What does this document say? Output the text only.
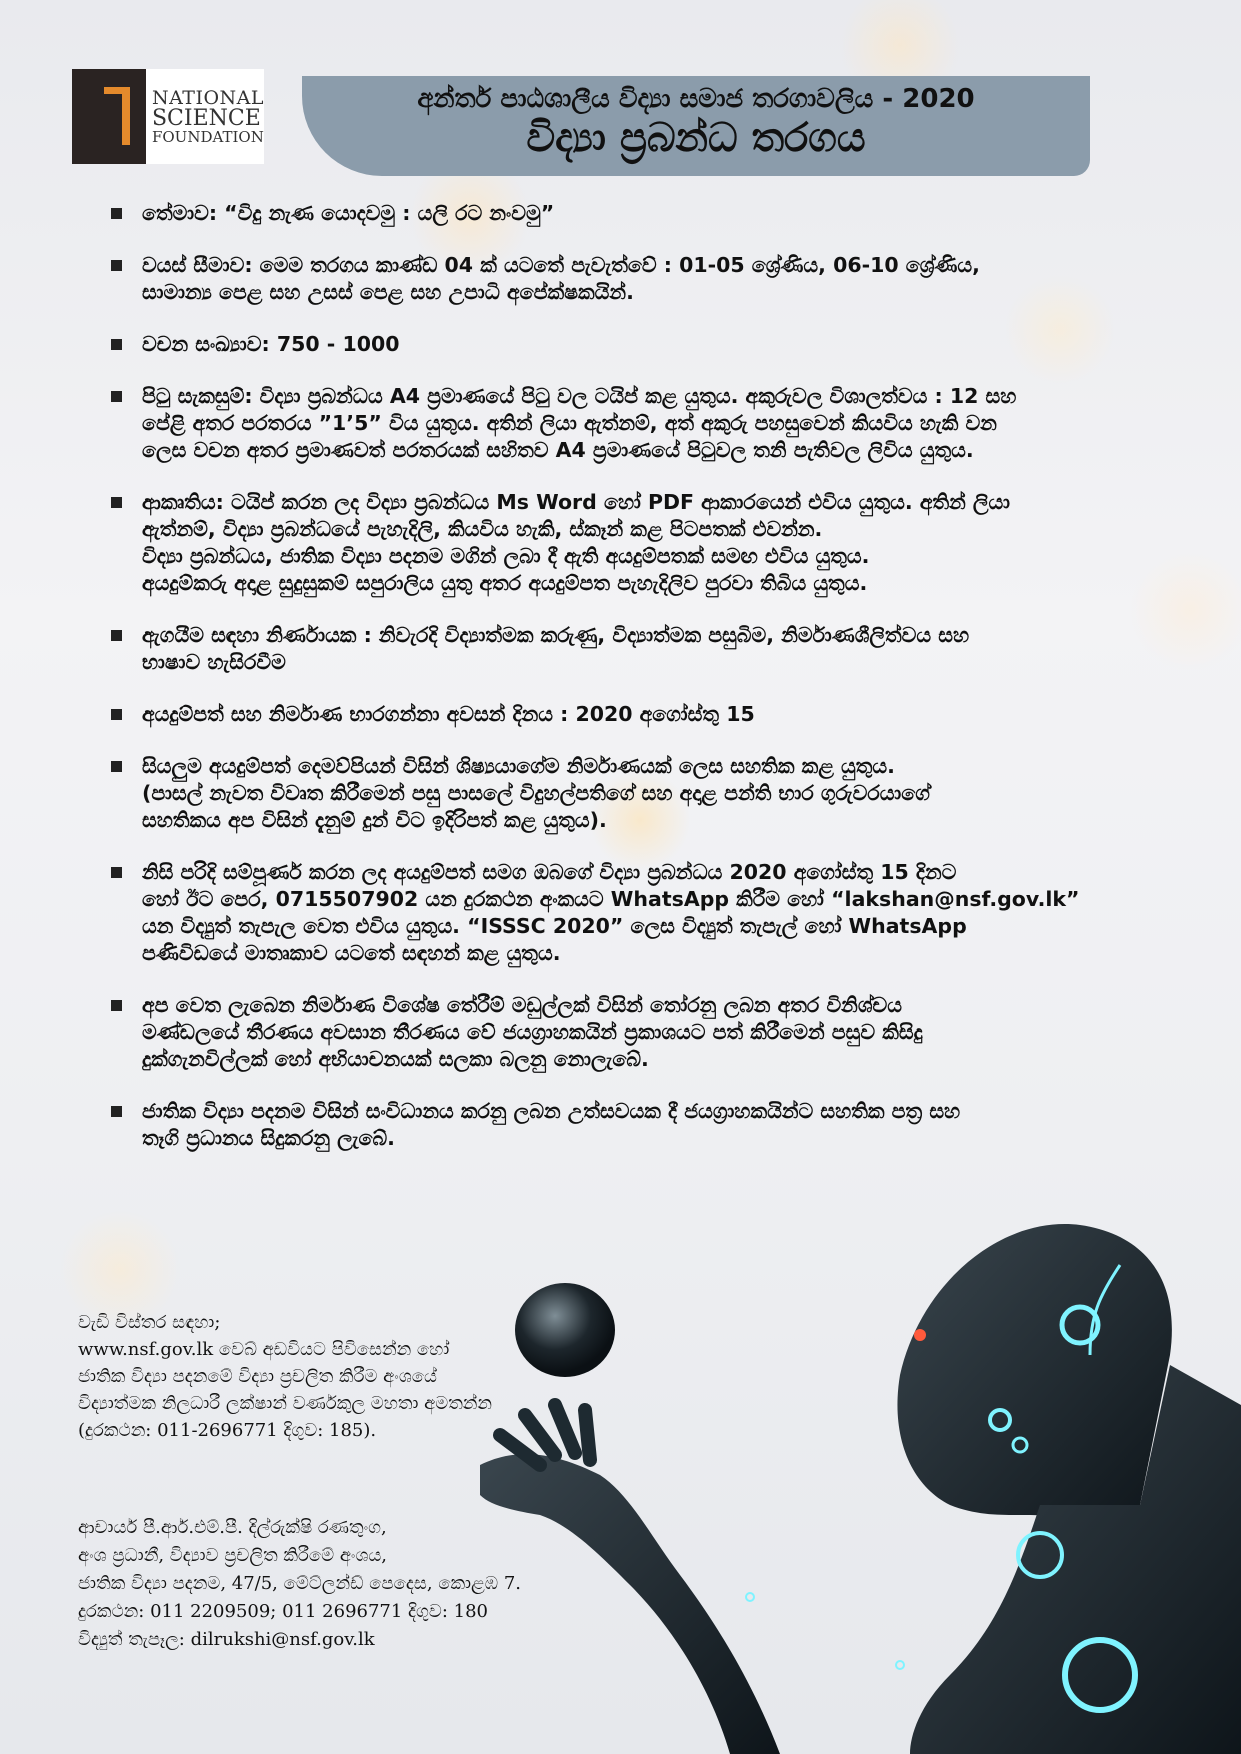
NATIONAL
SCIENCE
FOUNDATION
අන්තර් පාඨශාලීය විද්‍යා සමාජ තරගාවලිය - 2020
විද්‍යා ප්‍රබන්ධ තරගය

තේමාව: “විදු නැණ යොදවමු : යලි රට නංවමු”

වයස් සීමාව: මෙම තරගය කාණ්ඩ 04 ක් යටතේ පැවැත්වේ : 01-05 ශ්‍රේණිය, 06-10 ශ්‍රේණිය,

සාමාන්‍ය පෙළ සහ උසස් පෙළ සහ උපාධි අපේක්ෂකයින්.

වචන සංඛ්‍යාව: 750 - 1000

පිටු සැකසුම්: විද්‍යා ප්‍රබන්ධය A4 ප්‍රමාණයේ පිටු වල ටයිප් කළ යුතුය. අකුරුවල විශාලත්වය : 12 සහ

පේළි අතර පරතරය ”1’5” විය යුතුය. අතින් ලියා ඇත්නම්, අත් අකුරු පහසුවෙන් කියවිය හැකි වන

ලෙස වචන අතර ප්‍රමාණවත් පරතරයක් සහිතව A4 ප්‍රමාණයේ පිටුවල තනි පැතිවල ලිවිය යුතුය.

ආකෘතිය: ටයිප් කරන ලද විද්‍යා ප්‍රබන්ධය Ms Word හෝ PDF ආකාරයෙන් එවිය යුතුය. අතින් ලියා

ඇත්නම්, විද්‍යා ප්‍රබන්ධයේ පැහැදිලි, කියවිය හැකි, ස්කෑන් කළ පිටපතක් එවන්න.

විද්‍යා ප්‍රබන්ධය, ජාතික විද්‍යා පදනම මගින් ලබා දී ඇති අයදුම්පතක් සමඟ එවිය යුතුය.

අයදුම්කරු අදාළ සුදුසුකම් සපුරාලිය යුතු අතර අයදුම්පත පැහැදිලිව පුරවා තිබිය යුතුය.

ඇගයීම සඳහා නිර්ණායක : නිවැරදි විද්‍යාත්මක කරුණු, විද්‍යාත්මක පසුබිම, නිර්මාණශීලිත්වය සහ

භාෂාව හැසිරවීම

අයදුම්පත් සහ නිර්මාණ භාරගන්නා අවසන් දිනය : 2020 අගෝස්තු 15

සියලුම අයදුම්පත් දෙමව්පියන් විසින් ශිෂ්‍යයාගේම නිර්මාණයක් ලෙස සහතික කළ යුතුය.

(පාසල් නැවත විවෘත කිරීමෙන් පසු පාසලේ විදුහල්පතිගේ සහ අදාළ පන්ති භාර ගුරුවරයාගේ

සහතිකය අප විසින් දැනුම් දුන් විට ඉදිරිපත් කළ යුතුය).

නිසි පරිදි සම්පූර්ණ කරන ලද අයදුම්පත් සමග ඔබගේ විද්‍යා ප්‍රබන්ධය 2020 අගෝස්තු 15 දිනට

හෝ ඊට පෙර, 0715507902 යන දුරකථන අංකයට WhatsApp කිරීම හෝ “lakshan@nsf.gov.lk”

යන විද්‍යුත් තැපැල වෙත එවිය යුතුය. “ISSSC 2020” ලෙස විද්‍යුත් තැපැල් හෝ WhatsApp

පණිවිඩයේ මාතෘකාව යටතේ සඳහන් කළ යුතුය.

අප වෙත ලැබෙන නිර්මාණ විශේෂ තේරීම් මඩුල්ලක් විසින් තෝරනු ලබන අතර විනිශ්චය

මණ්ඩලයේ තීරණය අවසාන තීරණය වේ ජයග්‍රාහකයින් ප්‍රකාශයට පත් කිරීමෙන් පසුව කිසිදු

දුක්ගැනවිල්ලක් හෝ අභියාචනයක් සලකා බලනු නොලැබේ.

ජාතික විද්‍යා පදනම විසින් සංවිධානය කරනු ලබන උත්සවයක දී ජයග්‍රාහකයින්ට සහතික පත්‍ර සහ

තෑගි ප්‍රධානය සිදුකරනු ලැබේ.

වැඩි විස්තර සඳහා;

www.nsf.gov.lk වෙබ් අඩවියට පිවිසෙන්න හෝ

ජාතික විද්‍යා පදනමේ විද්‍යා ප්‍රචලිත කිරීම අංශයේ

විද්‍යාත්මක නිලධාරී ලක්ෂාන් වර්ණකුල මහතා අමතන්න

(දුරකථන: 011-2696771 දිගුව: 185).

ආචාර්ය පී.ආර්.එම්.පී. දිල්රුක්ෂි රණතුංග,

අංශ ප්‍රධානී, විද්‍යාව ප්‍රචලිත කිරීමේ අංශය,

ජාතික විද්‍යා පදනම, 47/5, මේට්ලන්ඩ් පෙදෙස, කොළඹ 7.

දුරකථන: 011 2209509; 011 2696771 දිගුව: 180

විද්‍යුත් තැපෑල: dilrukshi@nsf.gov.lk
